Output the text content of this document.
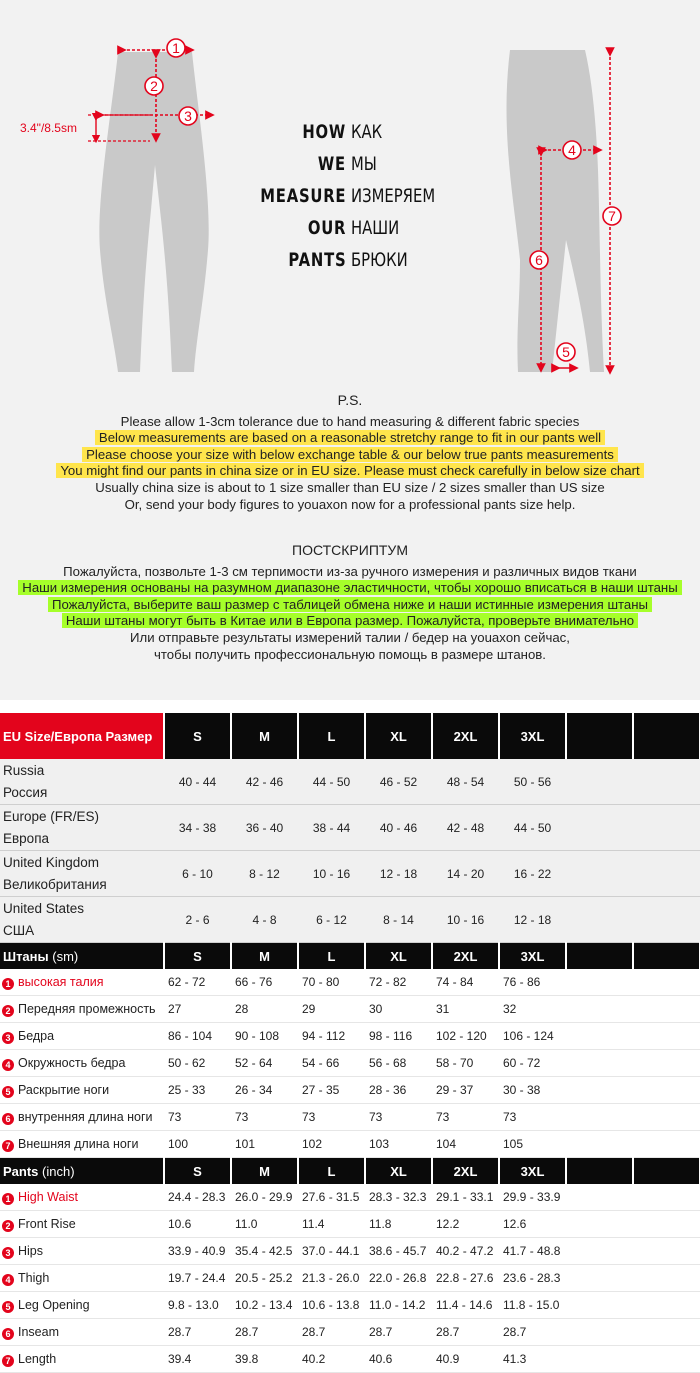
1
2
3
4
5
6
7
3.4"/8.5sm	HOW
WE
MEASURE
OUR
PANTS
КАК
МЫ
ИЗМЕРЯЕМ
НАШИ
БРЮКИ
P.S.
Please allow 1-3cm tolerance due to hand measuring & different fabric species
Below measurements are based on a reasonable stretchy range to fit in our pants well
Please choose your size with below exchange table & our below true pants measurements
You might find our pants in china size or in EU size. Please must check carefully in below size chart
Usually china size is about to 1 size smaller than EU size / 2 sizes smaller than US size
Or, send your body figures to youaxon now for a professional pants size help.
ПОСТСКРИПТУМ
Пожалуйста, позвольте 1-3 см терпимости из-за ручного измерения и различных видов ткани
Наши измерения основаны на разумном диапазоне эластичности, чтобы хорошо вписаться в наши штаны
Пожалуйста, выберите ваш размер с таблицей обмена ниже и наши истинные измерения штаны
Наши штаны могут быть в Китае или в Европа размер. Пожалуйста, проверьте внимательно
Или отправьте результаты измерений талии / бедер на youaxon сейчас,
чтобы получить профессиональную помощь в размере штанов.
EU Size/Европа Размер	S	M	L	XL	2XL	3XL		
Russia
Россия	40 - 44	42 - 46	44 - 50	46 - 52	48 - 54	50 - 56		
Europe (FR/ES)
Европа	34 - 38	36 - 40	38 - 44	40 - 46	42 - 48	44 - 50		
United Kingdom
Великобритания	6 - 10	8 - 12	10 - 16	12 - 18	14 - 20	16 - 22		
United States
США	2 - 6	4 - 8	6 - 12	8 - 14	10 - 16	12 - 18		
Штаны (sm)	S	M	L	XL	2XL	3XL		
1 высокая талия	62 - 72	66 - 76	70 - 80	72 - 82	74 - 84	76 - 86		
2 Передняя промежность	27	28	29	30	31	32		
3 Бедра	86 - 104	90 - 108	94 - 112	98 - 116	102 - 120	106 - 124		
4 Окружность бедра	50 - 62	52 - 64	54 - 66	56 - 68	58 - 70	60 - 72		
5 Раскрытие ноги	25 - 33	26 - 34	27 - 35	28 - 36	29 - 37	30 - 38		
6 внутренняя длина ноги	73	73	73	73	73	73		
7 Внешняя длина ноги	100	101	102	103	104	105		
Pants (inch)	S	M	L	XL	2XL	3XL		
1 High Waist	24.4 - 28.3	26.0 - 29.9	27.6 - 31.5	28.3 - 32.3	29.1 - 33.1	29.9 - 33.9		
2 Front Rise	10.6	11.0	11.4	11.8	12.2	12.6		
3 Hips	33.9 - 40.9	35.4 - 42.5	37.0 - 44.1	38.6 - 45.7	40.2 - 47.2	41.7 - 48.8		
4 Thigh	19.7 - 24.4	20.5 - 25.2	21.3 - 26.0	22.0 - 26.8	22.8 - 27.6	23.6 - 28.3		
5 Leg Opening	9.8 - 13.0	10.2 - 13.4	10.6 - 13.8	11.0 - 14.2	11.4 - 14.6	11.8 - 15.0		
6 Inseam	28.7	28.7	28.7	28.7	28.7	28.7		
7 Length	39.4	39.8	40.2	40.6	40.9	41.3		
